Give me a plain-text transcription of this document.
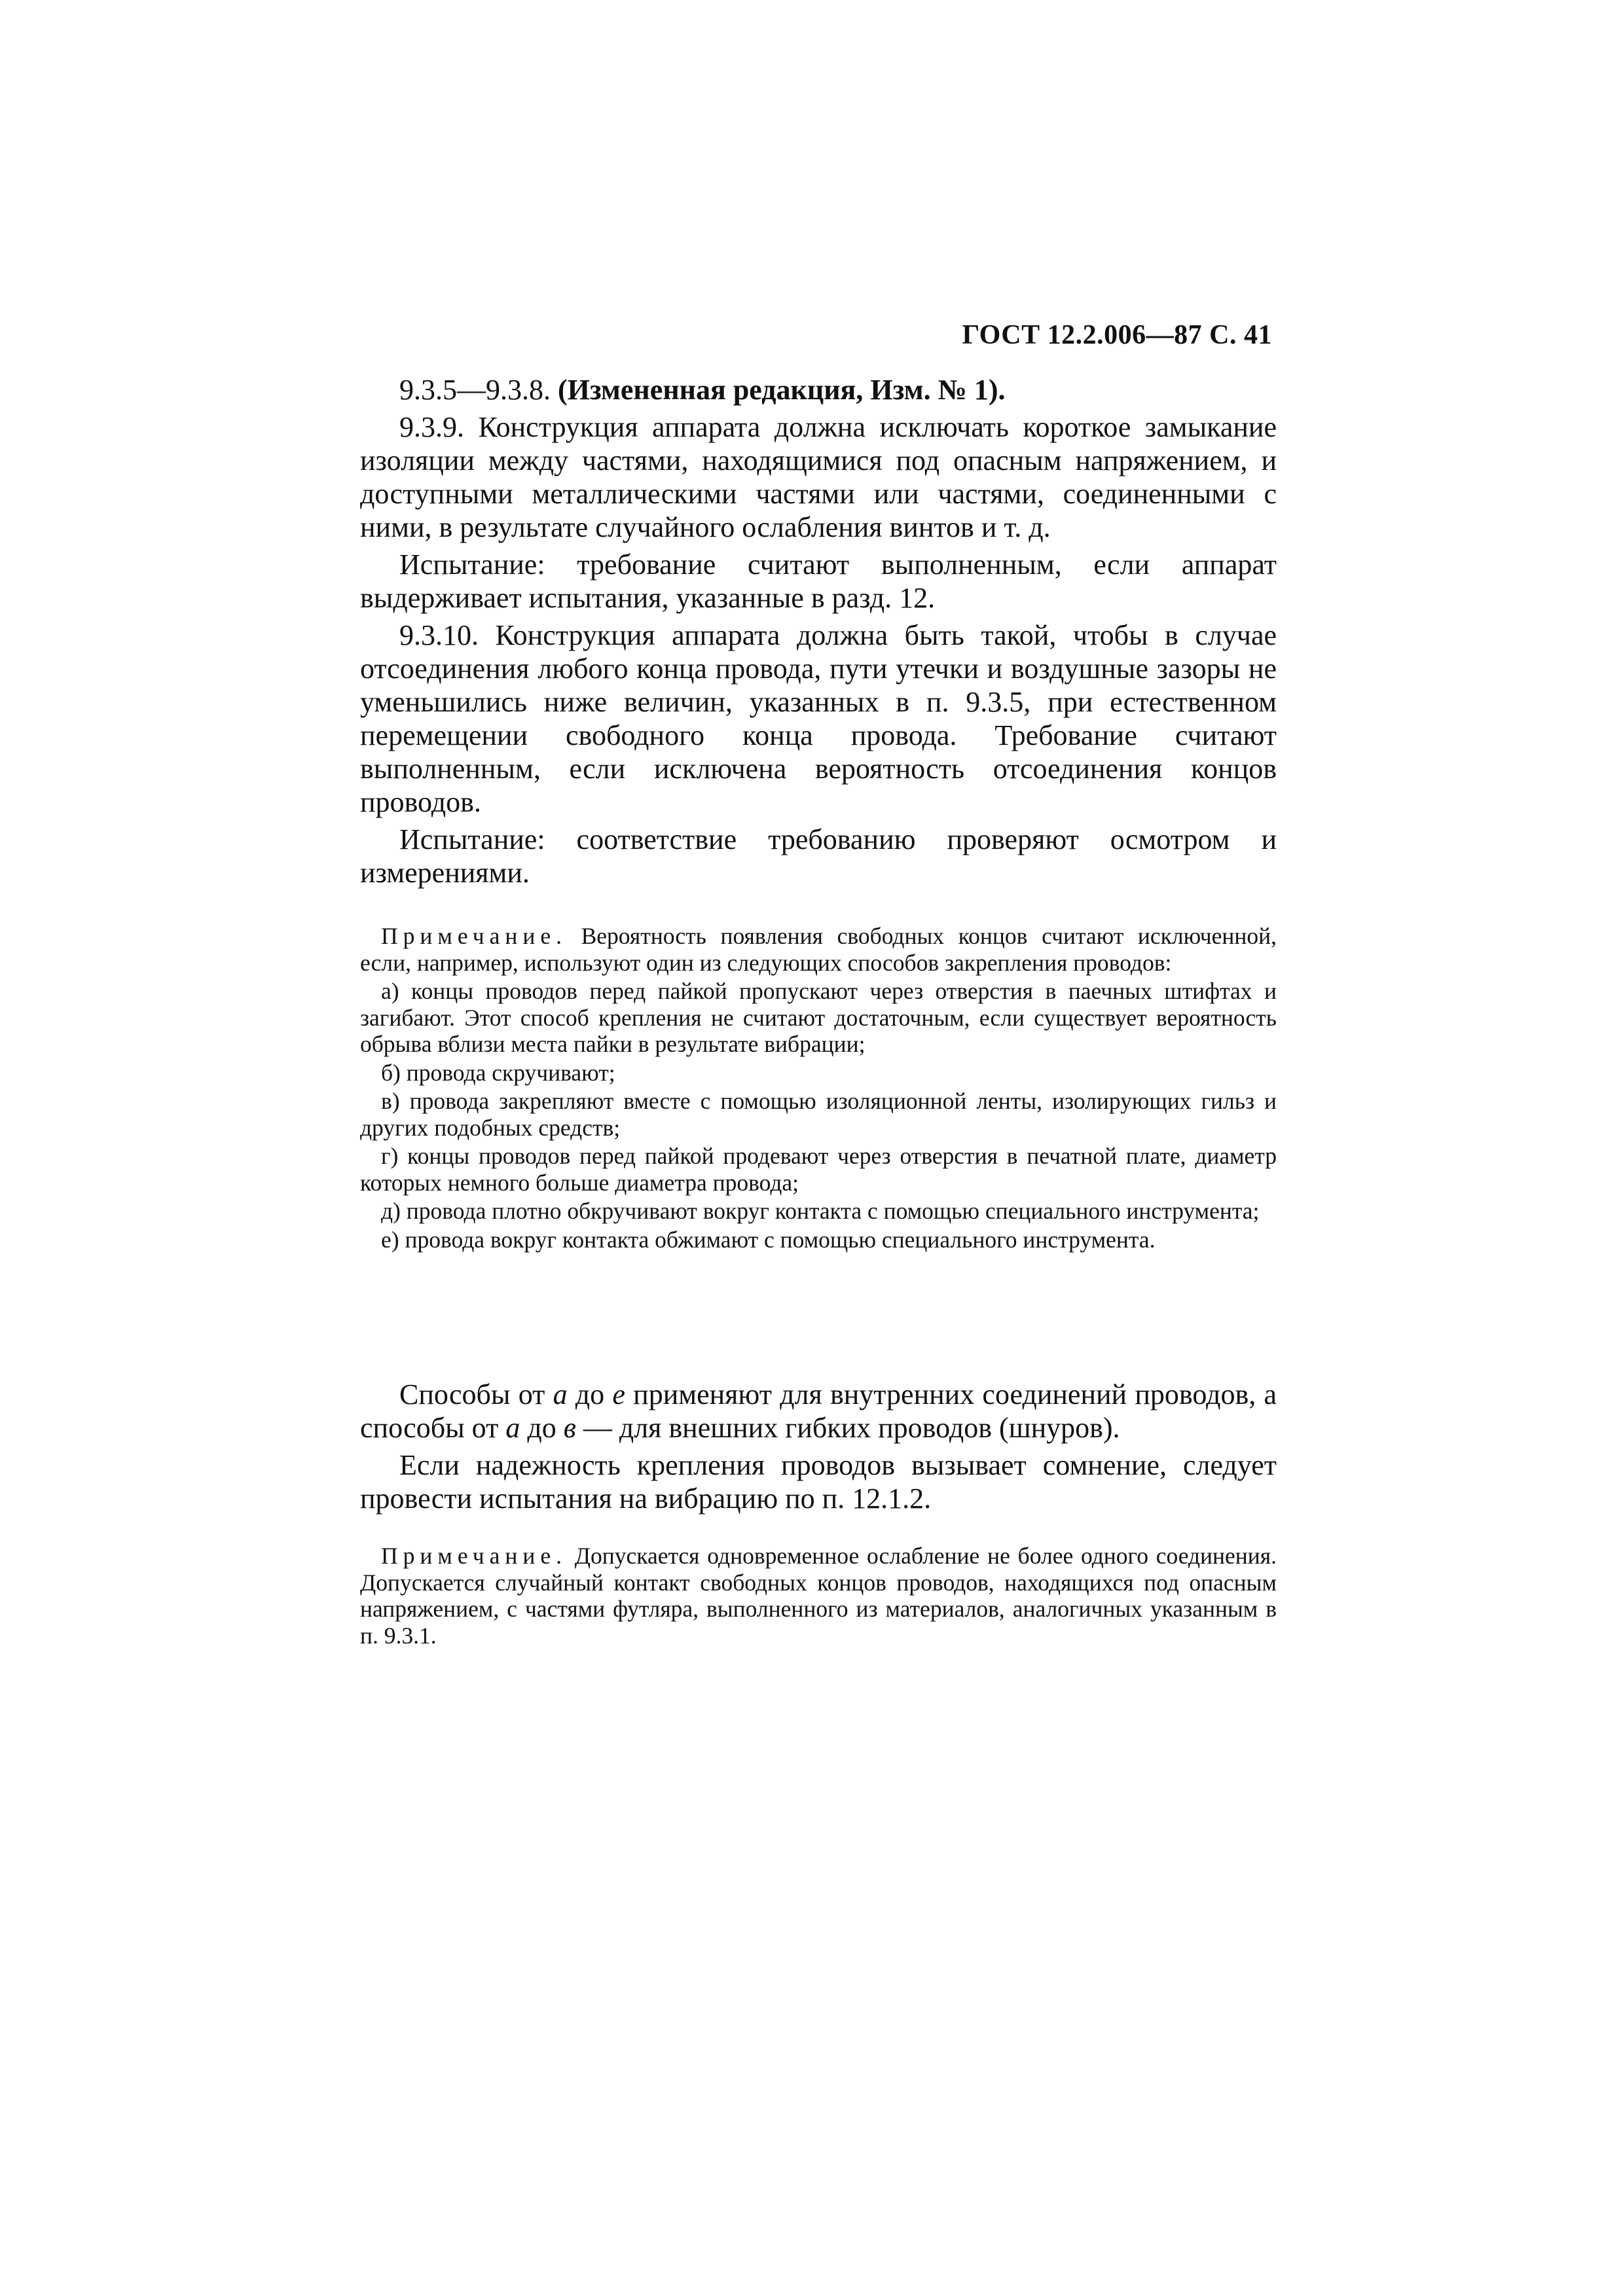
ГОСТ 12.2.006—87 С. 41

9.3.5—9.3.8. (Измененная редакция, Изм. № 1).

9.3.9. Конструкция аппарата должна исключать короткое замыкание изоляции между частями, находящимися под опасным напряжением, и доступными металлическими частями или частями, соединенными с ними, в результате случайного ослабления винтов и т. д.

Испытание: требование считают выполненным, если аппарат выдерживает испытания, указанные в разд. 12.

9.3.10. Конструкция аппарата должна быть такой, чтобы в случае отсоединения любого конца провода, пути утечки и воздушные зазоры не уменьшились ниже величин, указанных в п. 9.3.5, при естественном перемещении свободного конца провода. Требование считают выполненным, если исключена вероятность отсоединения концов проводов.

Испытание: соответствие требованию проверяют осмотром и измерениями.

Примечание. Вероятность появления свободных концов считают исключенной, если, например, используют один из следующих способов закрепления проводов:

а) концы проводов перед пайкой пропускают через отверстия в паечных штифтах и загибают. Этот способ крепления не считают достаточным, если существует вероятность обрыва вблизи места пайки в результате вибрации;

б) провода скручивают;

в) провода закрепляют вместе с помощью изоляционной ленты, изолирующих гильз и других подобных средств;

г) концы проводов перед пайкой продевают через отверстия в печатной плате, диаметр которых немного больше диаметра провода;

д) провода плотно обкручивают вокруг контакта с помощью специального инструмента;

е) провода вокруг контакта обжимают с помощью специального инструмента.

Способы от а до е применяют для внутренних соединений проводов, а способы от а до в — для внешних гибких проводов (шнуров).

Если надежность крепления проводов вызывает сомнение, следует провести испытания на вибрацию по п. 12.1.2.

Примечание. Допускается одновременное ослабление не более одного соединения. Допускается случайный контакт свободных концов проводов, находящихся под опасным напряжением, с частями футляра, выполненного из материалов, аналогичных указанным в п. 9.3.1.
